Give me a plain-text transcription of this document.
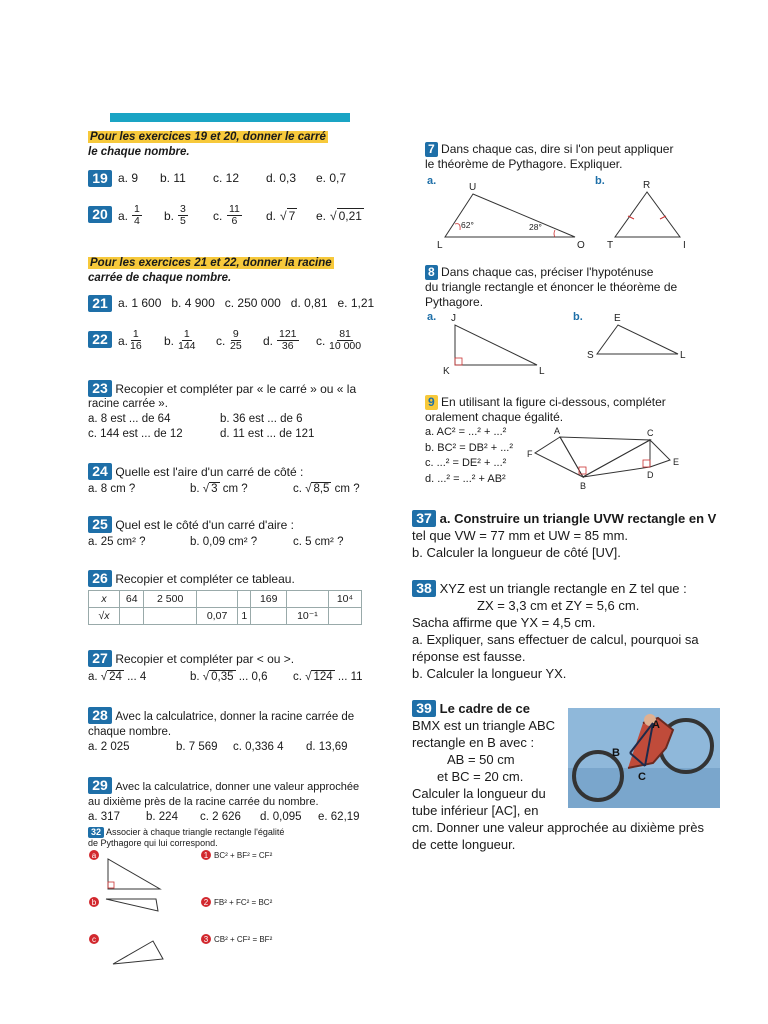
Pour les exercices 19 et 20, donner le carré
le chaque nombre.
19 a. 9 b. 11 c. 12 d. 0,3 e. 0,7
20 a. $\frac{1}{4} b$. $\frac{3}{5} c$. $\frac{11}{6} d$. √ 7 e. √ 0,21
Pour les exercices 21 et 22, donner la racine
carrée de chaque nombre.
21 a. 1 600   b. 4 900   c. 250 000   d. 0,81   e. 1,21
22 a. $\frac{1}{16} b$. $\frac{1}{144} c$. $\frac{9}{25} d$. $\frac{121}{36} c$. $\frac{81}{10 000}$
23 Recopier et compléter par « le carré » ou « la
racine carrée ».
a. 8 est ... de 64	b. 36 est ... de 6
c. 144 est ... de 12	d. 11 est ... de 121
24 Quelle est l'aire d'un carré de côté :
a. 8 cm ?	b. √ 3 cm ?	c. √ 8,5 cm ?
25 Quel est le côté d'un carré d'aire :
a. 25 cm² ?	b. 0,09 cm² ?	c. 5 cm² ?
26 Recopier et compléter ce tableau.
x	64	2 500			169		10⁴
√x			0,07	1		10⁻¹	
27 Recopier et compléter par < ou >.
a. √ 24 ... 4	b. √ 0,35 ... 0,6 c. √ 124 ... 11
28 Avec la calculatrice, donner la racine carrée de
chaque nombre.
a. 2 025	b. 7 569 c. 0,336 4 d. 13,69
29 Avec la calculatrice, donner une valeur approchée
au dixième près de la racine carrée du nombre.
a. 317 b. 224 c. 2 626 d. 0,095 e. 62,19
32 Associer à chaque triangle rectangle l'égalité
de Pythagore qui lui correspond.
a
b
c
1 BC² + BF² = CF²
2 FB² + FC² = BC²
3 CB² + CF² = BF²
7 Dans chaque cas, dire si l'on peut appliquer
le théorème de Pythagore. Expliquer.
a.
U
L	O
62°	28°
b.	R
T	I
8 Dans chaque cas, préciser l'hypoténuse
du triangle rectangle et énoncer le théorème de
Pythagore.
a. J
K	L
b.	E
S	L
9 En utilisant la figure ci-dessous, compléter
oralement chaque égalité.
a. AC² = ...² + ...²
b. BC² = DB² + ...²
c. ...² = DE² + ...²
d. ...² = ...² + AB²
A
F
B
C
D
E
37 a. Construire un triangle UVW rectangle en V
tel que VW = 77 mm et UW = 85 mm.
b. Calculer la longueur de côté [UV].
38 XYZ est un triangle rectangle en Z tel que :
ZX = 3,3 cm et ZY = 5,6 cm.
Sacha affirme que YX = 4,5 cm.
a. Expliquer, sans effectuer de calcul, pourquoi sa
réponse est fausse.
b. Calculer la longueur YX.
39 Le cadre de ce
BMX est un triangle ABC
rectangle en B avec :
AB = 50 cm
et BC = 20 cm.
Calculer la longueur du
tube inférieur [AC], en
cm. Donner une valeur approchée au dixième près
de cette longueur.
A
B
C
